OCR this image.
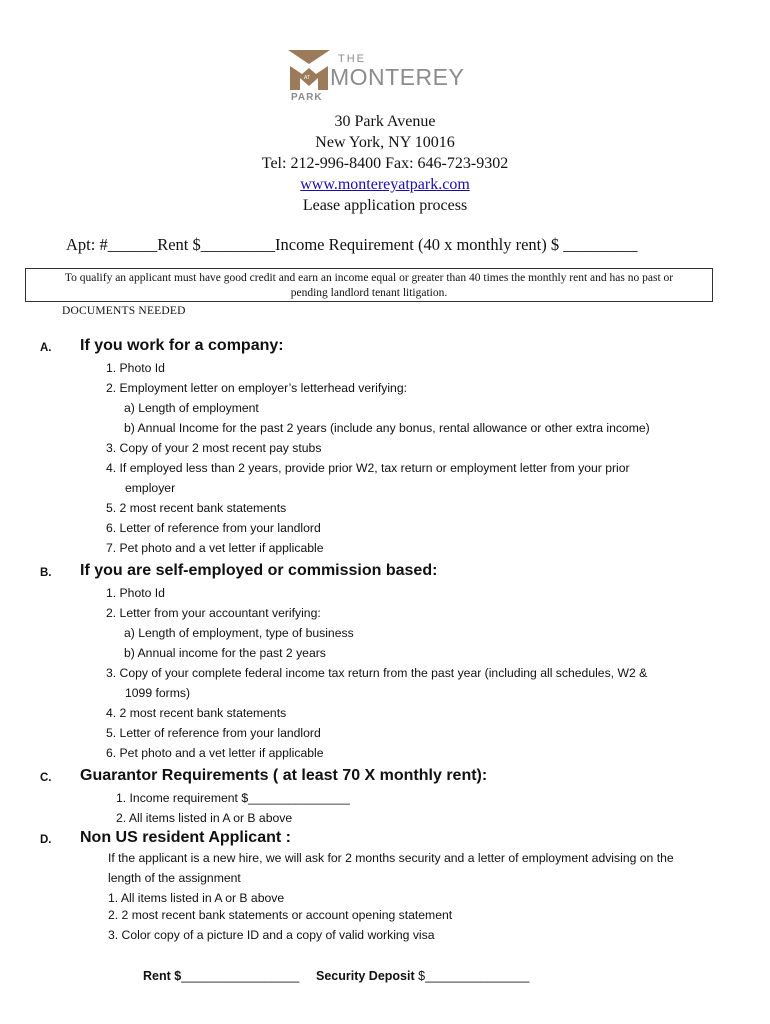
AT
THE
MONTEREY
PARK
30 Park Avenue
New York, NY 10016
Tel: 212-996-8400 Fax: 646-723-9302
www.montereyatpark.com
Lease application process
Apt: #______Rent $_________Income Requirement (40 x monthly rent) $ _________
To qualify an applicant must have good credit and earn an income equal or greater than 40 times the monthly rent and has no past or
pending landlord tenant litigation.
DOCUMENTS NEEDED
A. If you work for a company:
1. Photo Id
2. Employment letter on employer’s letterhead verifying:
a) Length of employment
b) Annual Income for the past 2 years (include any bonus, rental allowance or other extra income)
3. Copy of your 2 most recent pay stubs
4. If employed less than 2 years, provide prior W2, tax return or employment letter from your prior
employer
5. 2 most recent bank statements
6. Letter of reference from your landlord
7. Pet photo and a vet letter if applicable
B. If you are self-employed or commission based:
1. Photo Id
2. Letter from your accountant verifying:
a) Length of employment, type of business
b) Annual income for the past 2 years
3. Copy of your complete federal income tax return from the past year (including all schedules, W2 &
1099 forms)
4. 2 most recent bank statements
5. Letter of reference from your landlord
6. Pet photo and a vet letter if applicable
C. Guarantor Requirements ( at least 70 X monthly rent):
1. Income requirement $_______________
2. All items listed in A or B above
D. Non US resident Applicant :
If the applicant is a new hire, we will ask for 2 months security and a letter of employment advising on the
length of the assignment
1. All items listed in A or B above
2. 2 most recent bank statements or account opening statement
3. Color copy of a picture ID and a copy of valid working visa
Rent $_________________ Security Deposit $_______________
